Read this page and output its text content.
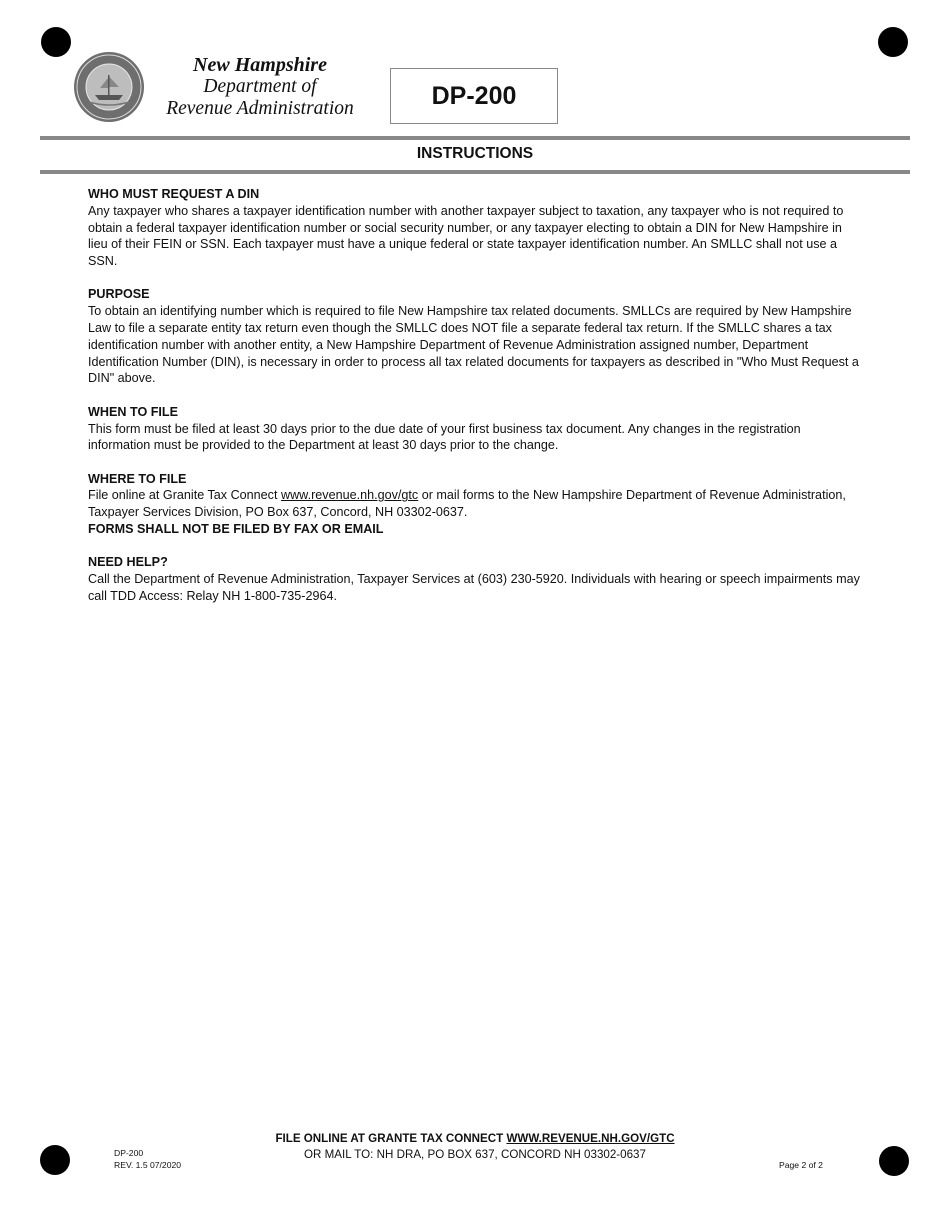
New Hampshire
Department of
Revenue Administration	DP-200
INSTRUCTIONS

WHO MUST REQUEST A DIN

Any taxpayer who shares a taxpayer identification number with another taxpayer subject to taxation, any taxpayer who is not required to obtain a federal taxpayer identification number or social security number, or any taxpayer electing to obtain a DIN for New Hampshire in lieu of their FEIN or SSN. Each taxpayer must have a unique federal or state taxpayer identification number. An SMLLC shall not use a SSN.

PURPOSE

To obtain an identifying number which is required to file New Hampshire tax related documents. SMLLCs are required by New Hampshire Law to file a separate entity tax return even though the SMLLC does NOT file a separate federal tax return. If the SMLLC shares a tax identification number with another entity, a New Hampshire Department of Revenue Administration assigned number, Department Identification Number (DIN), is necessary in order to process all tax related documents for taxpayers as described in "Who Must Request a DIN" above.

WHEN TO FILE

This form must be filed at least 30 days prior to the due date of your first business tax document. Any changes in the registration information must be provided to the Department at least 30 days prior to the change.

WHERE TO FILE

File online at Granite Tax Connect www.revenue.nh.gov/gtc or mail forms to the New Hampshire Department of Revenue Administration, Taxpayer Services Division, PO Box 637, Concord, NH 03302-0637.

FORMS SHALL NOT BE FILED BY FAX OR EMAIL

NEED HELP?

Call the Department of Revenue Administration, Taxpayer Services at (603) 230-5920. Individuals with hearing or speech impairments may call TDD Access: Relay NH 1-800-735-2964.

FILE ONLINE AT GRANTE TAX CONNECT WWW.REVENUE.NH.GOV/GTC
OR MAIL TO: NH DRA, PO BOX 637, CONCORD NH 03302-0637
DP-200
REV. 1.5 07/2020	Page 2 of 2
